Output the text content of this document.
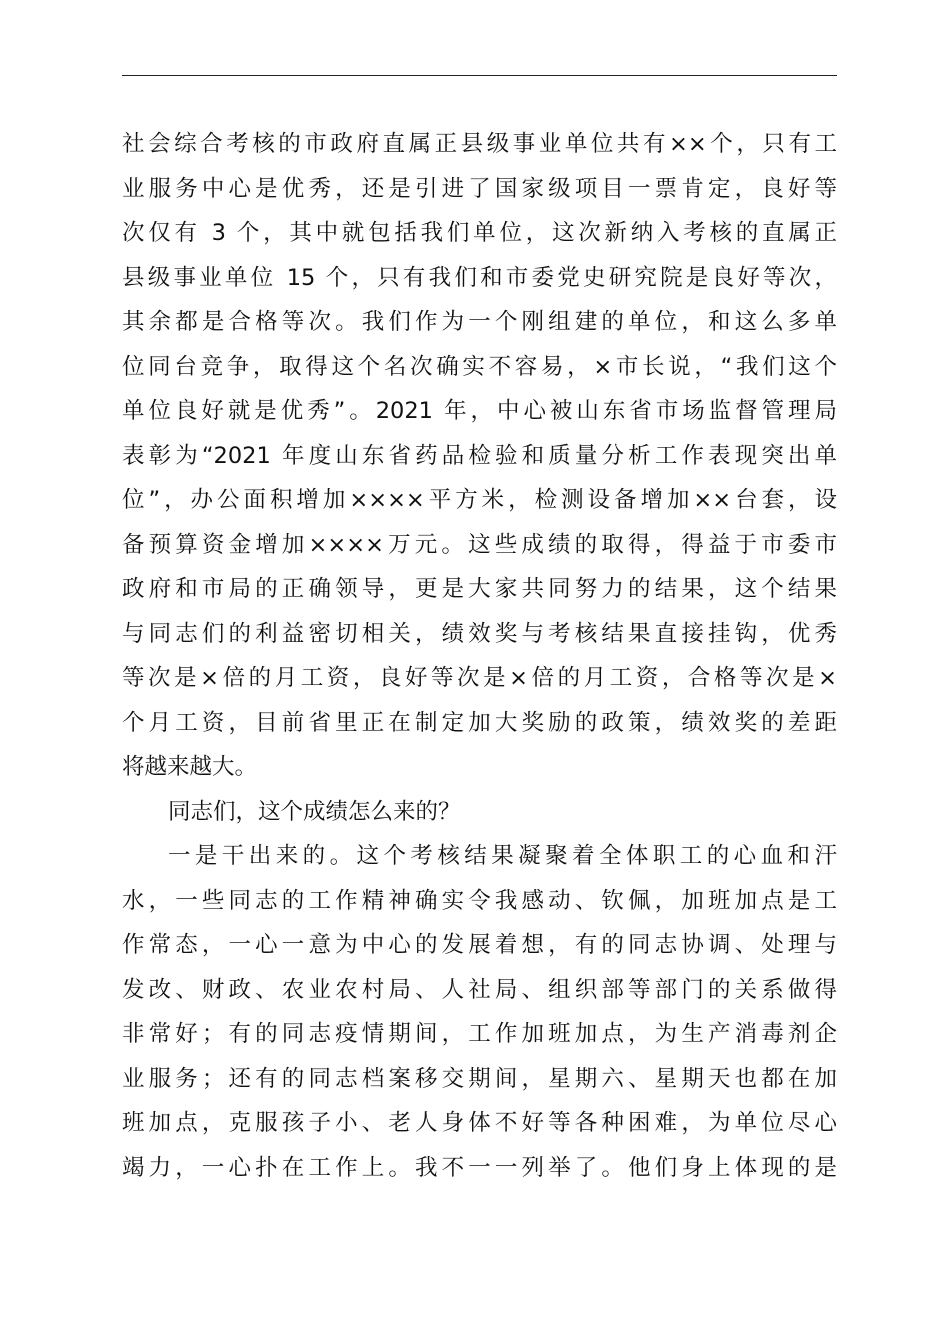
社会综合考核的市政府直属正县级事业单位共有××个，只有工
业服务中心是优秀，还是引进了国家级项目一票肯定，良好等
次仅有 3 个，其中就包括我们单位，这次新纳入考核的直属正
县级事业单位 15 个，只有我们和市委党史研究院是良好等次，
其余都是合格等次。我们作为一个刚组建的单位，和这么多单
位同台竞争，取得这个名次确实不容易，×市长说，“我们这个
单位良好就是优秀”。2021 年，中心被山东省市场监督管理局
表彰为“2021 年度山东省药品检验和质量分析工作表现突出单
位”，办公面积增加××××平方米，检测设备增加××台套，设
备预算资金增加××××万元。这些成绩的取得，得益于市委市
政府和市局的正确领导，更是大家共同努力的结果，这个结果
与同志们的利益密切相关，绩效奖与考核结果直接挂钩，优秀
等次是×倍的月工资，良好等次是×倍的月工资，合格等次是×
个月工资，目前省里正在制定加大奖励的政策，绩效奖的差距
将越来越大。
同志们，这个成绩怎么来的？
一是干出来的。这个考核结果凝聚着全体职工的心血和汗
水，一些同志的工作精神确实令我感动、钦佩，加班加点是工
作常态，一心一意为中心的发展着想，有的同志协调、处理与
发改、财政、农业农村局、人社局、组织部等部门的关系做得
非常好；有的同志疫情期间，工作加班加点，为生产消毒剂企
业服务；还有的同志档案移交期间，星期六、星期天也都在加
班加点，克服孩子小、老人身体不好等各种困难，为单位尽心
竭力，一心扑在工作上。我不一一列举了。他们身上体现的是
